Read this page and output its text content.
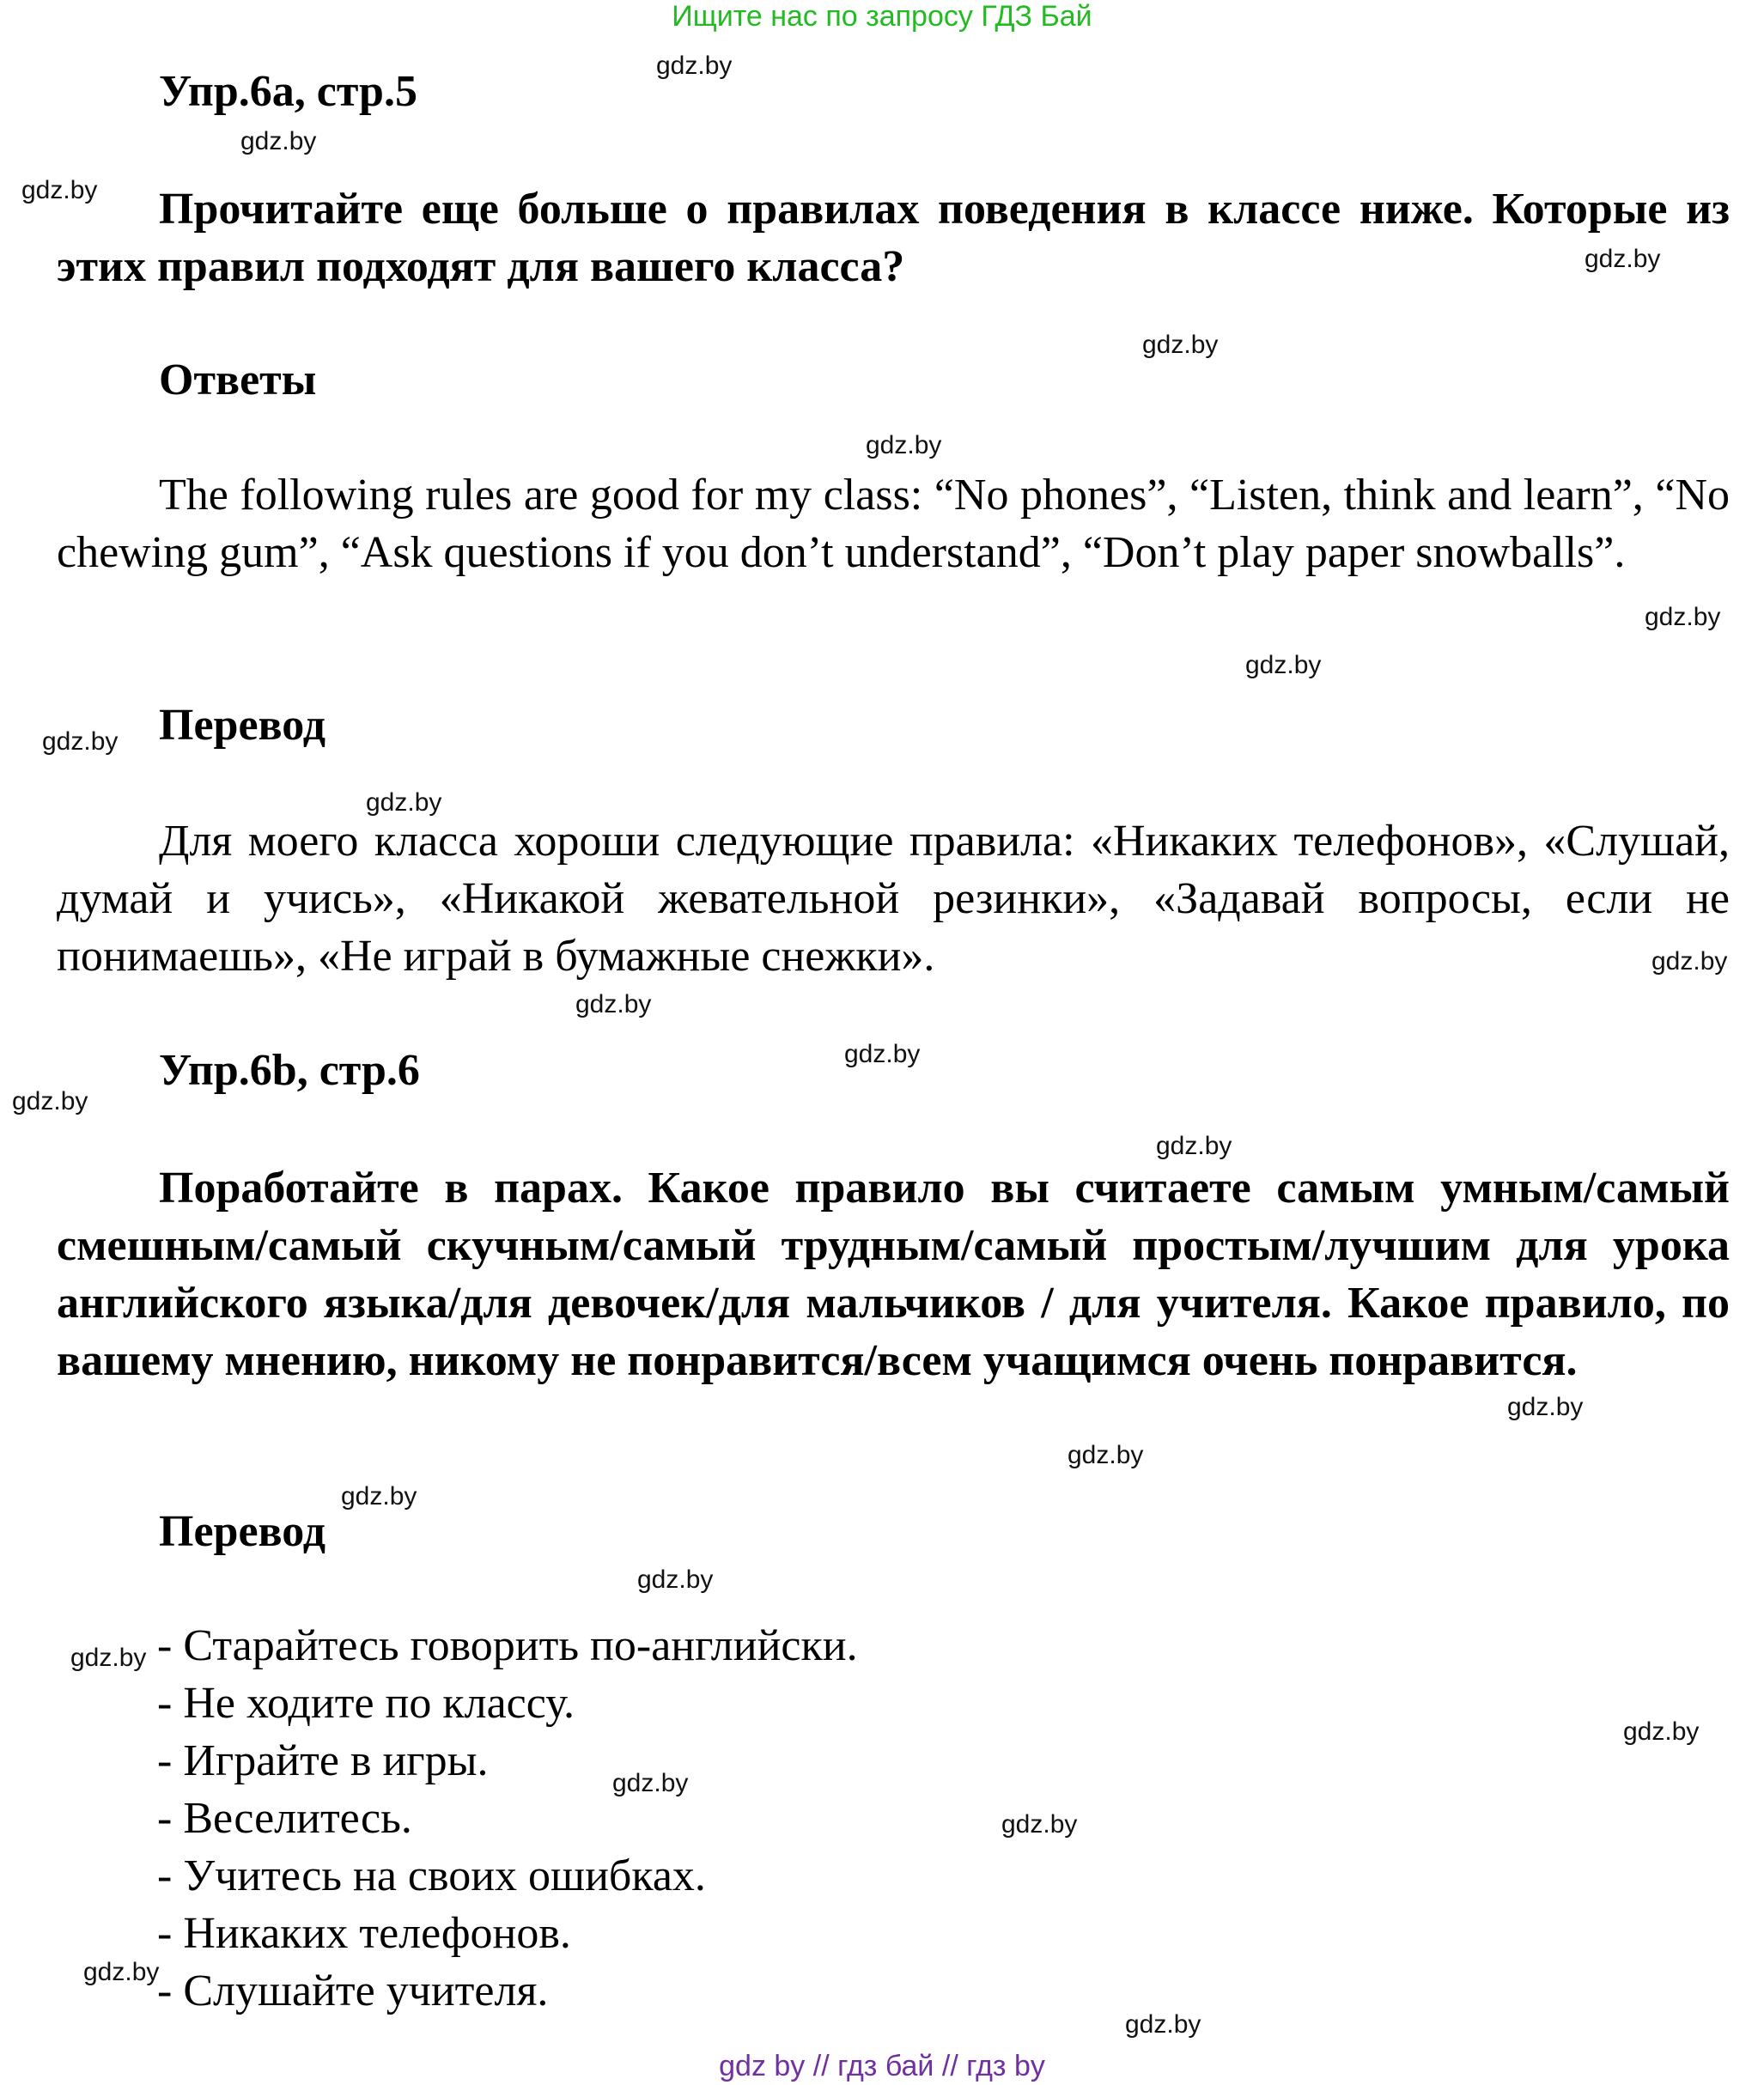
Ищите нас по запросу ГДЗ Бай
Упр.6а, стр.5
Прочитайте еще больше о правилах поведения в классе ниже. Которые из этих правил подходят для вашего класса?
Ответы
The following rules are good for my class: “No phones”, “Listen, think and learn”, “No chewing gum”, “Ask questions if you don’t understand”, “Don’t play paper snowballs”.
Перевод
Для моего класса хороши следующие правила: «Никаких телефонов», «Слушай, думай и учись», «Никакой жевательной резинки», «Задавай вопросы, если не понимаешь», «Не играй в бумажные снежки».
Упр.6b, стр.6
Поработайте в парах. Какое правило вы считаете самым умным/самый смешным/самый скучным/самый трудным/самый простым/лучшим для урока английского языка/для девочек/для мальчиков / для учителя. Какое правило, по вашему мнению, никому не понравится/всем учащимся очень понравится.
Перевод
- Старайтесь говорить по-английски.
- Не ходите по классу.
- Играйте в игры.
- Веселитесь.
- Учитесь на своих ошибках.
- Никаких телефонов.
- Слушайте учителя.
gdz.by
gdz.by
gdz.by
gdz.by
gdz.by
gdz.by
gdz.by
gdz.by
gdz.by
gdz.by
gdz.by
gdz.by
gdz.by
gdz.by
gdz.by
gdz.by
gdz.by
gdz.by
gdz.by
gdz.by
gdz.by
gdz.by
gdz.by
gdz.by
gdz.by
gdz by // гдз бай // гдз by
